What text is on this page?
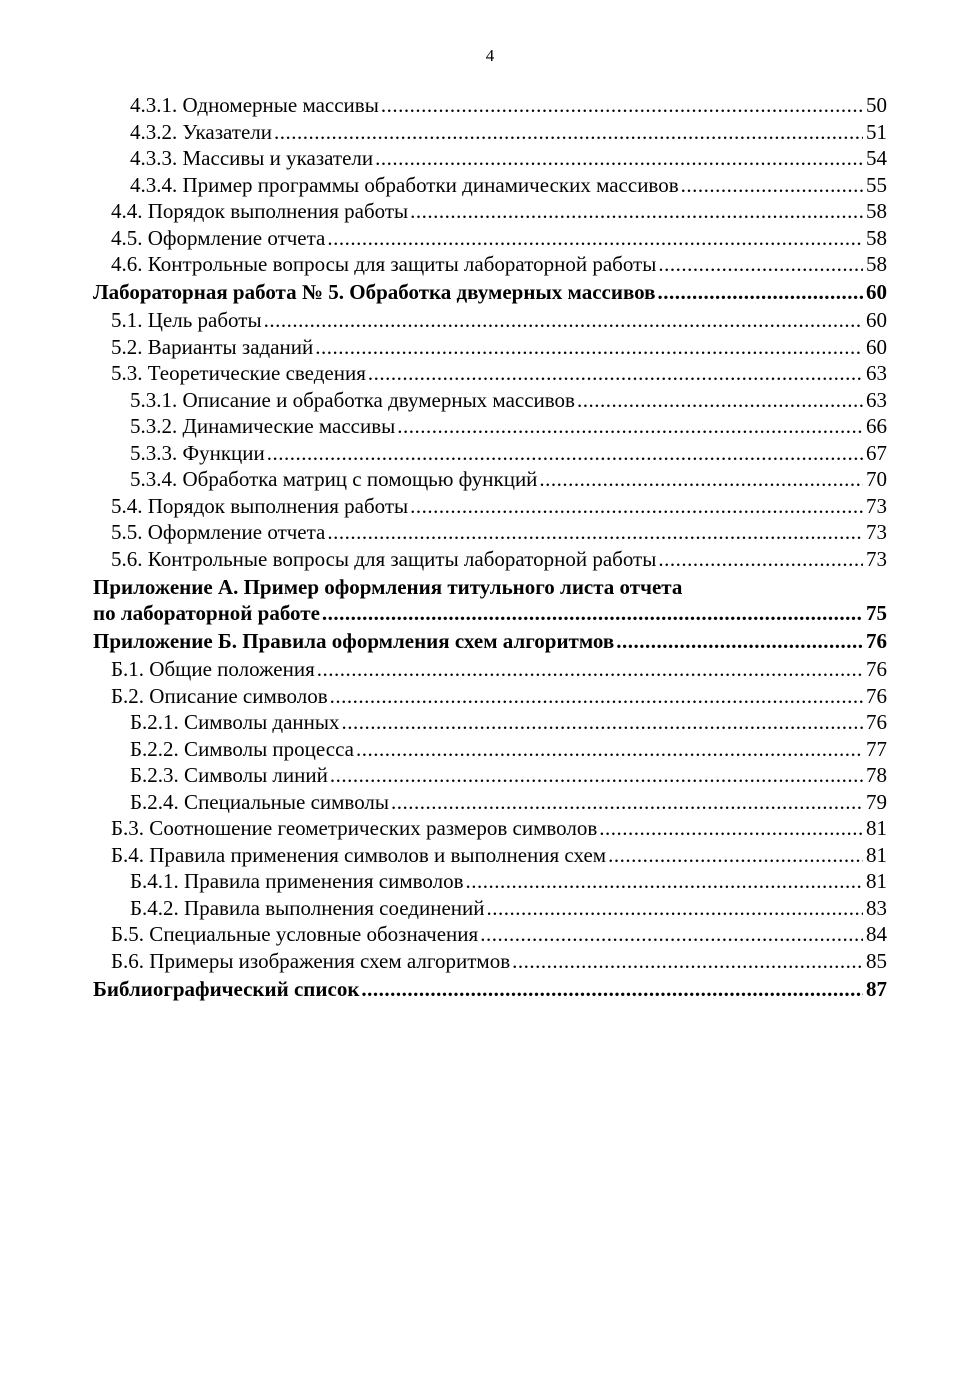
4
4.3.1. Одномерные массивы .....	50
4.3.2. Указатели .....	51
4.3.3. Массивы и указатели .....	54
4.3.4. Пример программы обработки динамических массивов .....	55
4.4. Порядок выполнения работы .....	58
4.5. Оформление отчета .....	58
4.6. Контрольные вопросы для защиты лабораторной работы .....	58
Лабораторная работа № 5. Обработка двумерных массивов .....	60
5.1. Цель работы .....	60
5.2. Варианты заданий .....	60
5.3. Теоретические сведения .....	63
5.3.1. Описание и обработка двумерных массивов .....	63
5.3.2. Динамические массивы .....	66
5.3.3. Функции .....	67
5.3.4. Обработка матриц с помощью функций .....	70
5.4. Порядок выполнения работы .....	73
5.5. Оформление отчета .....	73
5.6. Контрольные вопросы для защиты лабораторной работы .....	73
Приложение А. Пример оформления титульного листа отчета
по лабораторной работе .....	75
Приложение Б. Правила оформления схем алгоритмов .....	76
Б.1. Общие положения .....	76
Б.2. Описание символов .....	76
Б.2.1. Символы данных .....	76
Б.2.2. Символы процесса .....	77
Б.2.3. Символы линий .....	78
Б.2.4. Специальные символы .....	79
Б.3. Соотношение геометрических размеров символов .....	81
Б.4. Правила применения символов и выполнения схем .....	81
Б.4.1. Правила применения символов .....	81
Б.4.2. Правила выполнения соединений .....	83
Б.5. Специальные условные обозначения .....	84
Б.6. Примеры изображения схем алгоритмов .....	85
Библиографический список .....	87
